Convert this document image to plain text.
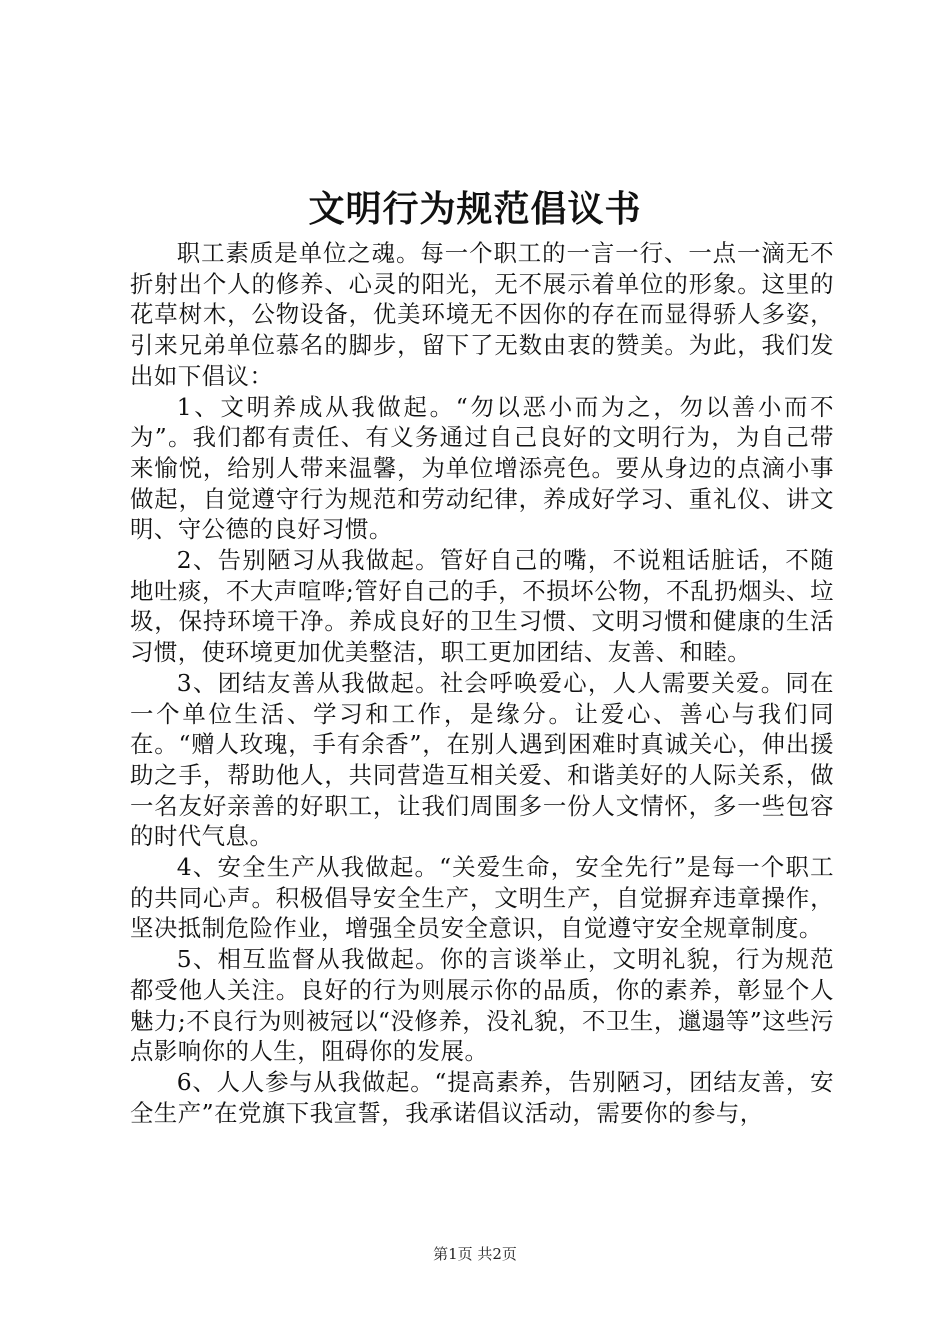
文明行为规范倡议书

职工素质是单位之魂。每一个职工的一言一行、一点一滴无不折射出个人的修养、心灵的阳光，无不展示着单位的形象。这里的花草树木，公物设备，优美环境无不因你的存在而显得骄人多姿，引来兄弟单位慕名的脚步，留下了无数由衷的赞美。为此，我们发出如下倡议：

1、文明养成从我做起。“勿以恶小而为之，勿以善小而不为”。我们都有责任、有义务通过自己良好的文明行为，为自己带来愉悦，给别人带来温馨，为单位增添亮色。要从身边的点滴小事做起，自觉遵守行为规范和劳动纪律，养成好学习、重礼仪、讲文明、守公德的良好习惯。

2、告别陋习从我做起。管好自己的嘴，不说粗话脏话，不随地吐痰，不大声喧哗;管好自己的手，不损坏公物，不乱扔烟头、垃圾，保持环境干净。养成良好的卫生习惯、文明习惯和健康的生活习惯，使环境更加优美整洁，职工更加团结、友善、和睦。

3、团结友善从我做起。社会呼唤爱心，人人需要关爱。同在一个单位生活、学习和工作，是缘分。让爱心、善心与我们同在。“赠人玫瑰，手有余香”，在别人遇到困难时真诚关心，伸出援助之手，帮助他人，共同营造互相关爱、和谐美好的人际关系，做一名友好亲善的好职工，让我们周围多一份人文情怀，多一些包容的时代气息。

4、安全生产从我做起。“关爱生命，安全先行”是每一个职工的共同心声。积极倡导安全生产，文明生产，自觉摒弃违章操作，坚决抵制危险作业，增强全员安全意识，自觉遵守安全规章制度。

5、相互监督从我做起。你的言谈举止，文明礼貌，行为规范都受他人关注。良好的行为则展示你的品质，你的素养，彰显个人魅力;不良行为则被冠以“没修养，没礼貌，不卫生，邋遢等”这些污点影响你的人生，阻碍你的发展。

6、人人参与从我做起。“提高素养，告别陋习，团结友善，安全生产”在党旗下我宣誓，我承诺倡议活动，需要你的参与，

第1页 共2页
